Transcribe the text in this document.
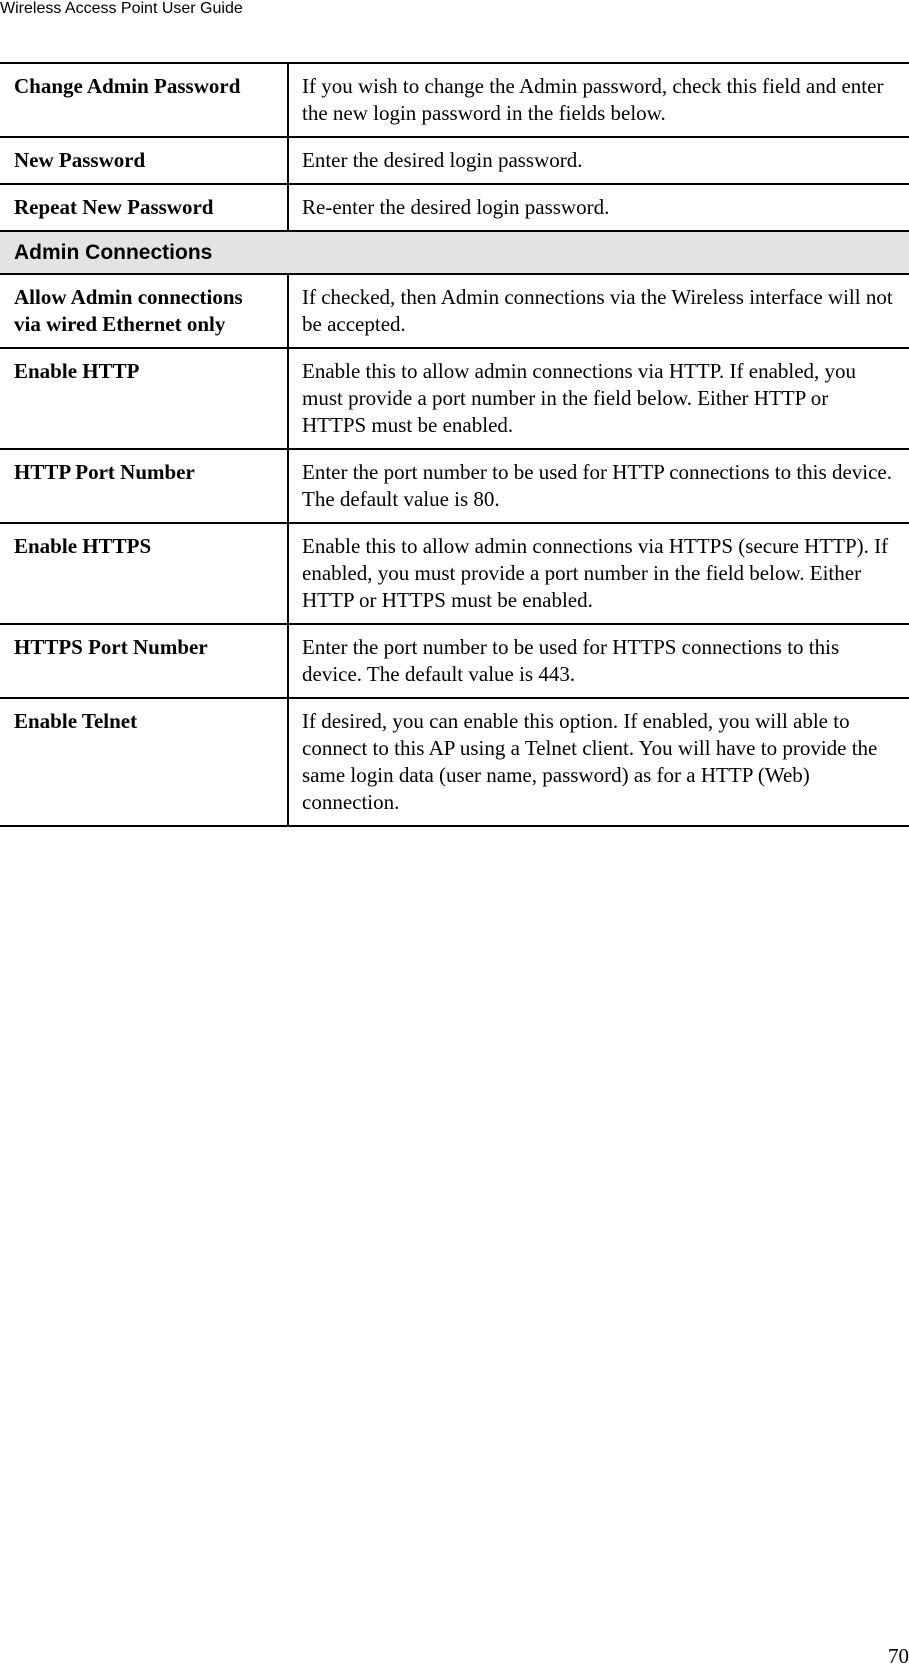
Wireless Access Point User Guide
Change Admin Password	If you wish to change the Admin password, check this field and enter the new login password in the fields below.
New Password	Enter the desired login password.
Repeat New Password	Re-enter the desired login password.
Admin Connections	
Allow Admin connections via wired Ethernet only	If checked, then Admin connections via the Wireless interface will not be accepted.
Enable HTTP	Enable this to allow admin connections via HTTP. If enabled, you must provide a port number in the field below. Either HTTP or HTTPS must be enabled.
HTTP Port Number	Enter the port number to be used for HTTP connections to this device. The default value is 80.
Enable HTTPS	Enable this to allow admin connections via HTTPS (secure HTTP). If enabled, you must provide a port number in the field below. Either HTTP or HTTPS must be enabled.
HTTPS Port Number	Enter the port number to be used for HTTPS connections to this device. The default value is 443.
Enable Telnet	If desired, you can enable this option. If enabled, you will able to connect to this AP using a Telnet client. You will have to provide the same login data (user name, password) as for a HTTP (Web) connection.
70
